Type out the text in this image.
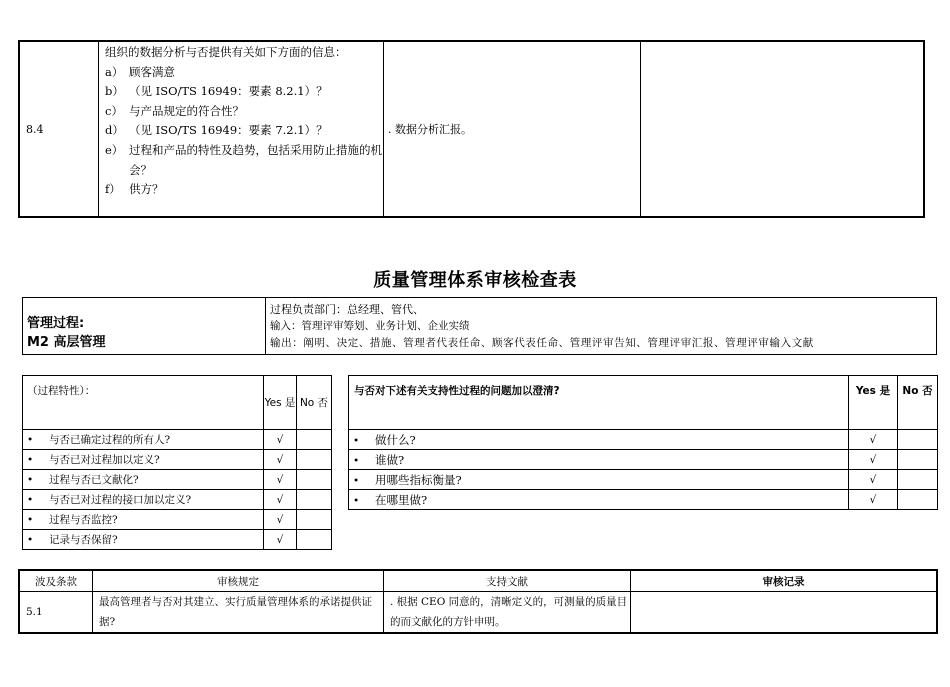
8.4	
组织的数据分析与否提供有关如下方面的信息：
a） 顾客满意
b） （见 ISO/TS 16949：要素 8.2.1）？
c） 与产品规定的符合性？
d） （见 ISO/TS 16949：要素 7.2.1）？
e） 过程和产品的特性及趋势，包括采用防止措施的机会？
f） 供方？
	. 数据分析汇报。	
质量管理体系审核检查表
管理过程:
M2 高层管理

过程负责部门：总经理、管代、
输入：管理评审筹划、业务计划、企业实绩
输出：阐明、决定、措施、管理者代表任命、顾客代表任命、管理评审告知、管理评审汇报、管理评审输入文献
（过程特性）：	Yes 是	No 否
• 与否已确定过程的所有人?	√	
• 与否已对过程加以定义?	√	
• 过程与否已文献化?	√	
• 与否已对过程的接口加以定义?	√	
• 过程与否监控?	√	
• 记录与否保留?	√	
与否对下述有关支持性过程的问题加以澄清?	Yes 是	No 否
• 做什么?	√	
• 谁做?	√	
• 用哪些指标衡量?	√	
• 在哪里做?	√	
波及条款	审核规定	支持文献	审核记录
5.1	最高管理者与否对其建立、实行质量管理体系的承诺提供证据?	. 根据 CEO 同意的，清晰定义的，可测量的质量目的而文献化的方针申明。	
